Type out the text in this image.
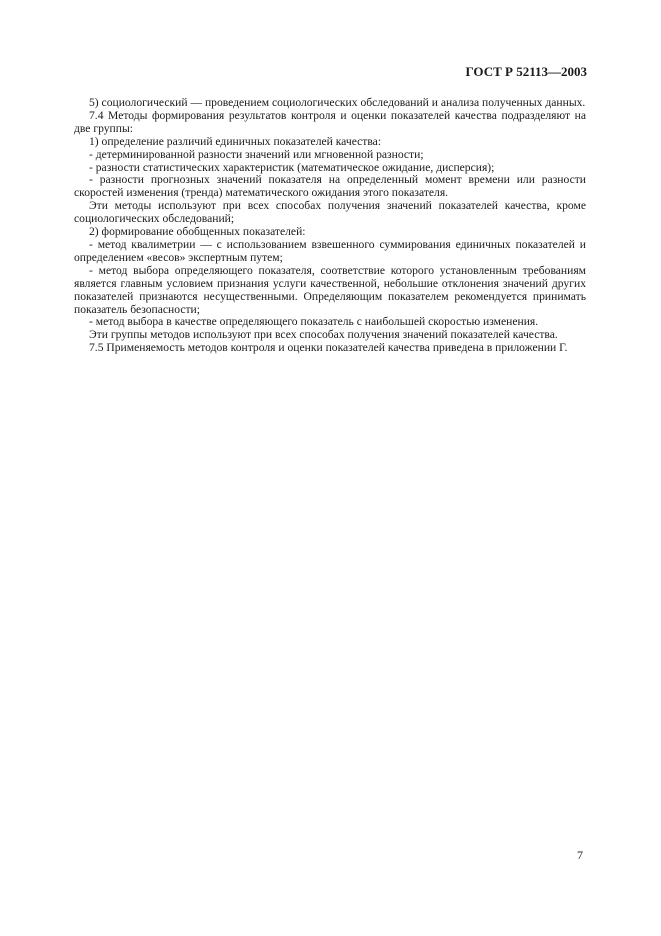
ГОСТ Р 52113—2003

5) социологический — проведением социологических обследований и анализа полученных данных.

7.4 Методы формирования результатов контроля и оценки показателей качества подразделяют на две группы:

1) определение различий единичных показателей качества:

- детерминированной разности значений или мгновенной разности;

- разности статистических характеристик (математическое ожидание, дисперсия);

- разности прогнозных значений показателя на определенный момент времени или разности скоростей изменения (тренда) математического ожидания этого показателя.

Эти методы используют при всех способах получения значений показателей качества, кроме социологических обследований;

2) формирование обобщенных показателей:

- метод квалиметрии — с использованием взвешенного суммирования единичных показателей и определением «весов» экспертным путем;

- метод выбора определяющего показателя, соответствие которого установленным требованиям является главным условием признания услуги качественной, небольшие отклонения значений других показателей признаются несущественными. Определяющим показателем рекомендуется принимать показатель безопасности;

- метод выбора в качестве определяющего показатель с наибольшей скоростью изменения.

Эти группы методов используют при всех способах получения значений показателей качества.

7.5 Применяемость методов контроля и оценки показателей качества приведена в приложении Г.

7
